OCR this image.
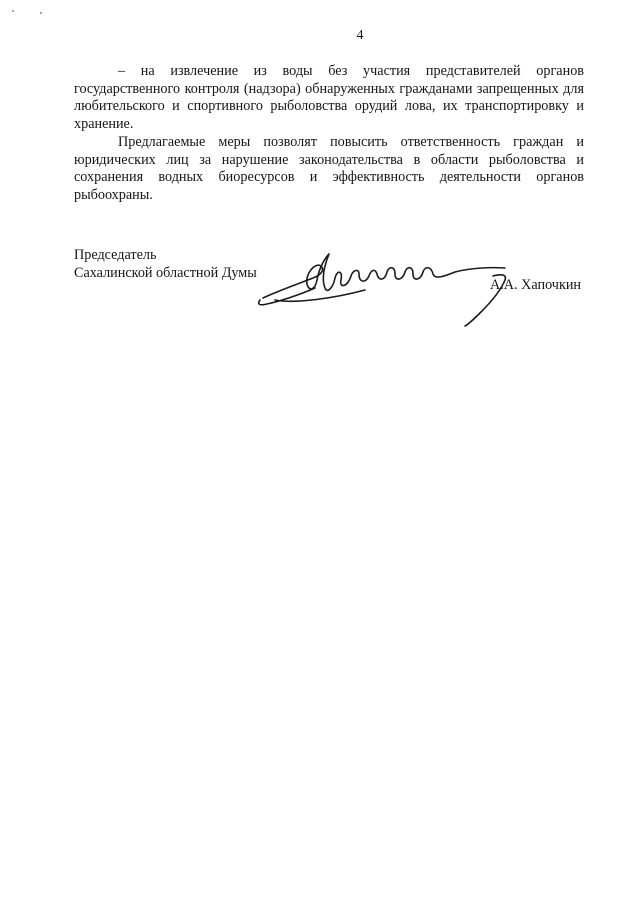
4

– на извлечение из воды без участия представителей органов государственного контроля (надзора) обнаруженных гражданами запрещенных для любительского и спортивного рыболовства орудий лова, их транспортировку и хранение.

Предлагаемые меры позволят повысить ответственность граждан и юридических лиц за нарушение законодательства в области рыболовства и сохранения водных биоресурсов и эффективность деятельности органов рыбоохраны.

Председатель
Сахалинской областной Думы
А.А. Хапочкин
